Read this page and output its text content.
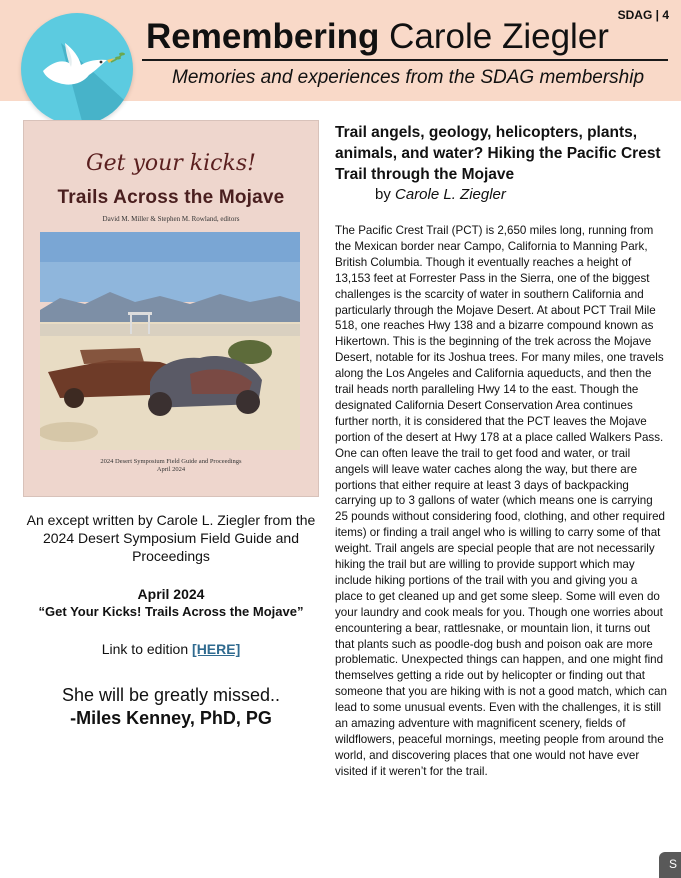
SDAG | 4
Remembering Carole Ziegler
Memories and experiences from the SDAG membership
Get your kicks!
Trails Across the Mojave
David M. Miller & Stephen M. Rowland, editors
2024 Desert Symposium Field Guide and Proceedings
April 2024
An except written by Carole L. Ziegler from the 2024 Desert Symposium Field Guide and Proceedings
April 2024
“Get Your Kicks! Trails Across the Mojave”
Link to edition [HERE]
She will be greatly missed..
-Miles Kenney, PhD, PG
Trail angels, geology, helicopters, plants, animals, and water? Hiking the Pacific Crest Trail through the Mojave
by Carole L. Ziegler
The Pacific Crest Trail (PCT) is 2,650 miles long, running from the Mexican border near Campo, California to Manning Park, British Columbia. Though it eventually reaches a height of 13,153 feet at Forrester Pass in the Sierra, one of the biggest challenges is the scarcity of water in southern California and particularly through the Mojave Desert. At about PCT Trail Mile 518, one reaches Hwy 138 and a bizarre compound known as Hikertown. This is the beginning of the trek across the Mojave Desert, notable for its Joshua trees. For many miles, one travels along the Los Angeles and California aqueducts, and then the trail heads north paralleling Hwy 14 to the east. Though the designated California Desert Conservation Area continues further north, it is considered that the PCT leaves the Mojave portion of the desert at Hwy 178 at a place called Walkers Pass. One can often leave the trail to get food and water, or trail angels will leave water caches along the way, but there are portions that either require at least 3 days of backpacking carrying up to 3 gallons of water (which means one is carrying 25 pounds without considering food, clothing, and other required items) or finding a trail angel who is willing to carry some of that weight. Trail angels are special people that are not necessarily hiking the trail but are willing to provide support which may include hiking portions of the trail with you and giving you a place to get cleaned up and get some sleep. Some will even do your laundry and cook meals for you. Though one worries about encountering a bear, rattlesnake, or mountain lion, it turns out that plants such as poodle-dog bush and poison oak are more problematic. Unexpected things can happen, and one might find themselves getting a ride out by helicopter or finding out that someone that you are hiking with is not a good match, which can lead to some unusual events. Even with the challenges, it is still an amazing adventure with magnificent scenery, fields of wildflowers, peaceful mornings, meeting people from around the world, and discovering places that one would not have ever visited if it weren’t for the trail.
S
